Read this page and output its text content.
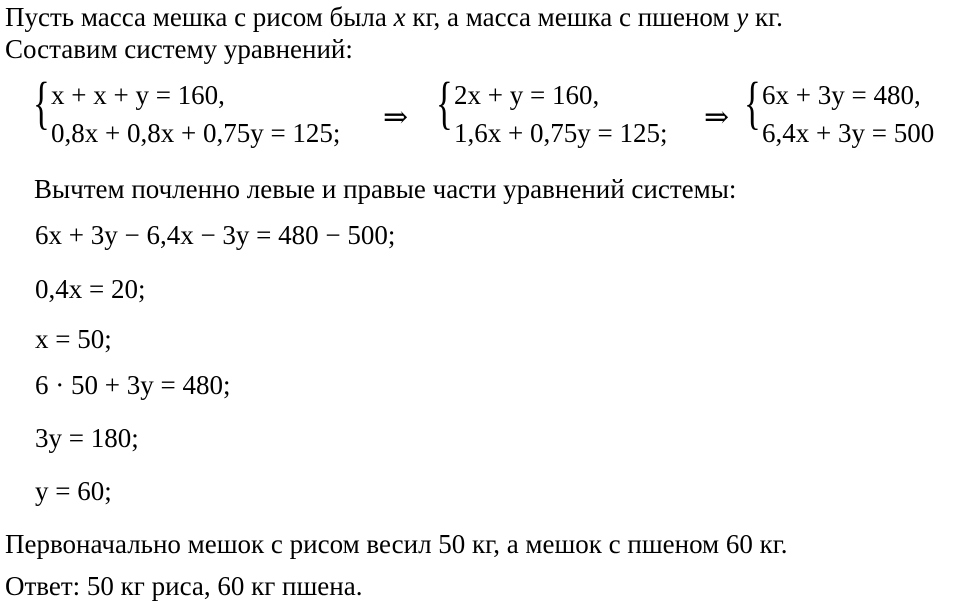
Пусть масса мешка с рисом была x кг, а масса мешка с пшеном y кг.
Составим систему уравнений:
{ x + x + y = 160,
0,8x + 0,8x + 0,75y = 125; ⇒ { 2x + y = 160,
1,6x + 0,75y = 125; ⇒ { 6x + 3y = 480,
6,4x + 3y = 500
Вычтем почленно левые и правые части уравнений системы:
6x + 3y − 6,4x − 3y = 480 − 500;
0,4x = 20;
x = 50;
6 · 50 + 3y = 480;
3y = 180;
y = 60;
Первоначально мешок с рисом весил 50 кг, а мешок с пшеном 60 кг.
Ответ: 50 кг риса, 60 кг пшена.
